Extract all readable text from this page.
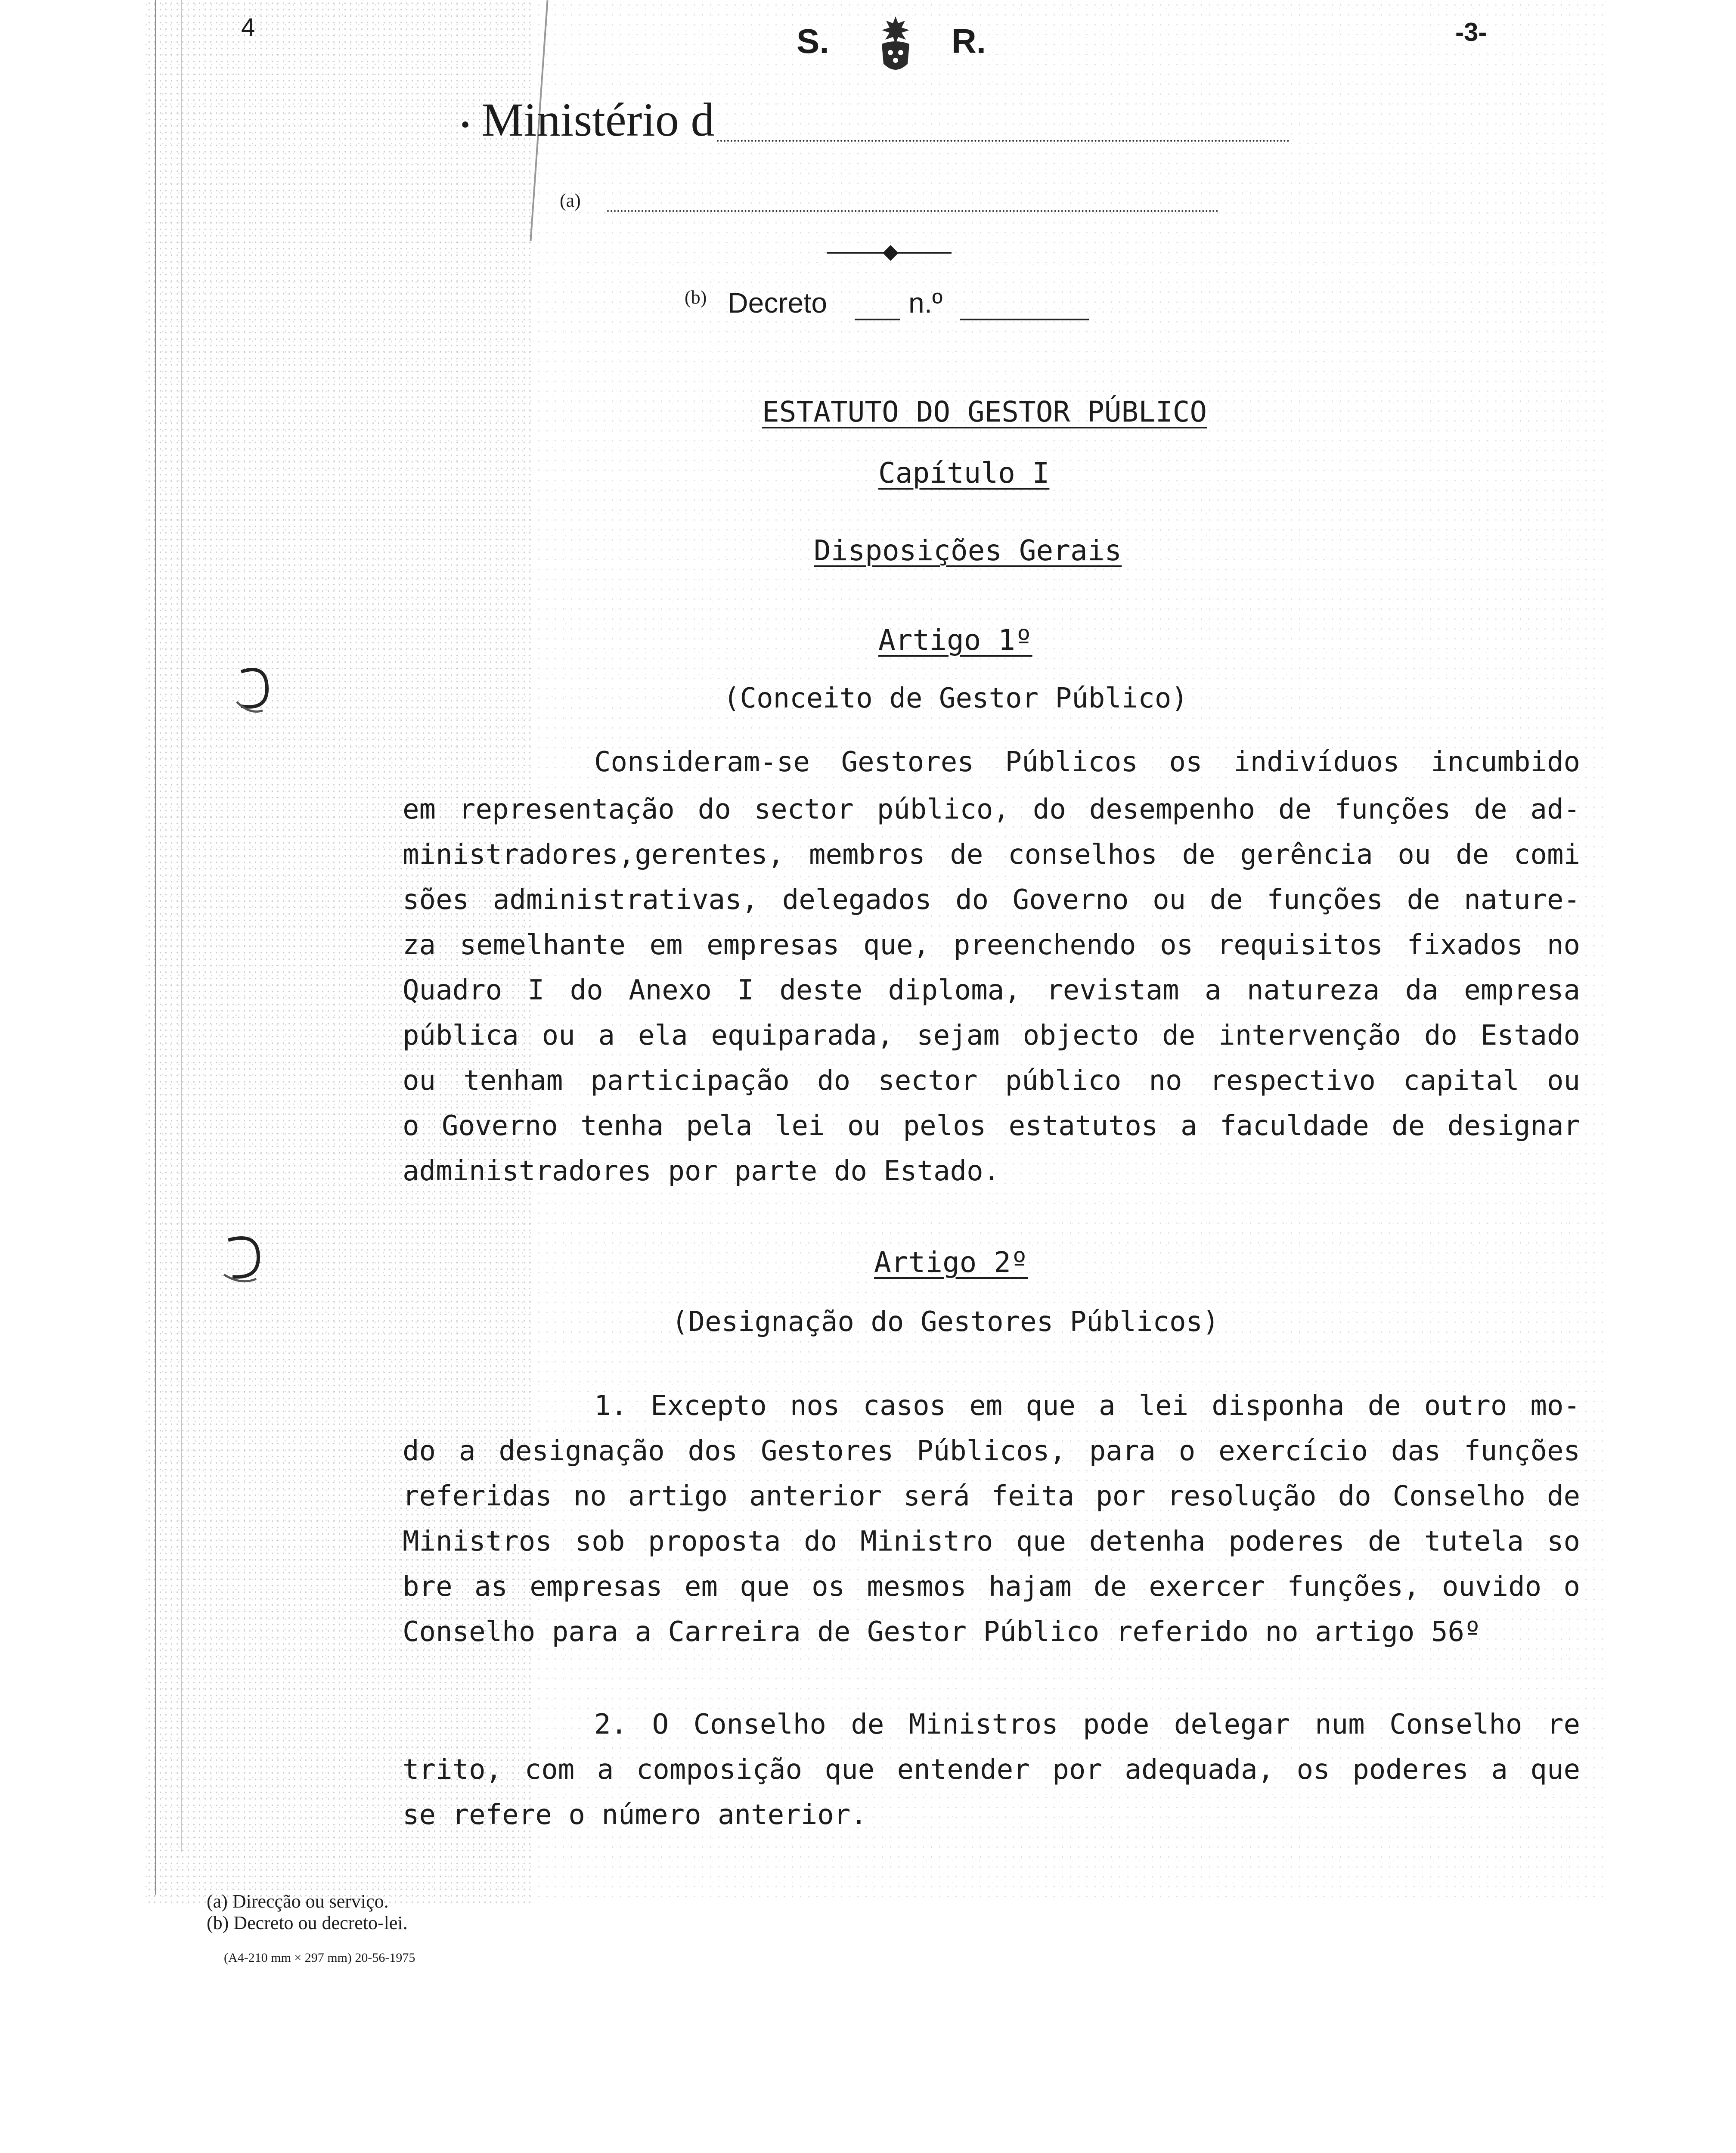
4	S.	R.	-3-
• Ministério d
(a)
◆
(b) Decreto	n.º
ESTATUTO DO GESTOR PÚBLICO
Capítulo I
Disposições Gerais
Artigo 1º
(Conceito de Gestor Público)
Consideram-se Gestores Públicos os indivíduos incumbido
em representação do sector público, do desempenho de funções de ad-
ministradores,gerentes, membros de conselhos de gerência ou de comi
sões administrativas, delegados do Governo ou de funções de nature-
za semelhante em empresas que, preenchendo os requisitos fixados no
Quadro I do Anexo I deste diploma, revistam a natureza da empresa
pública ou a ela equiparada, sejam objecto de intervenção do Estado
ou tenham participação do sector público no respectivo capital ou
o Governo tenha pela lei ou pelos estatutos a faculdade de designar
administradores por parte do Estado.
Artigo 2º
(Designação do Gestores Públicos)
1. Excepto nos casos em que a lei disponha de outro mo-
do a designação dos Gestores Públicos, para o exercício das funções
referidas no artigo anterior será feita por resolução do Conselho de
Ministros sob proposta do Ministro que detenha poderes de tutela so
bre as empresas em que os mesmos hajam de exercer funções, ouvido o
Conselho para a Carreira de Gestor Público referido no artigo 56º
2. O Conselho de Ministros pode delegar num Conselho re
trito, com a composição que entender por adequada, os poderes a que
se refere o número anterior.
(a) Direcção ou serviço.
(b) Decreto ou decreto-lei.
(A4-210 mm × 297 mm) 20-56-1975
